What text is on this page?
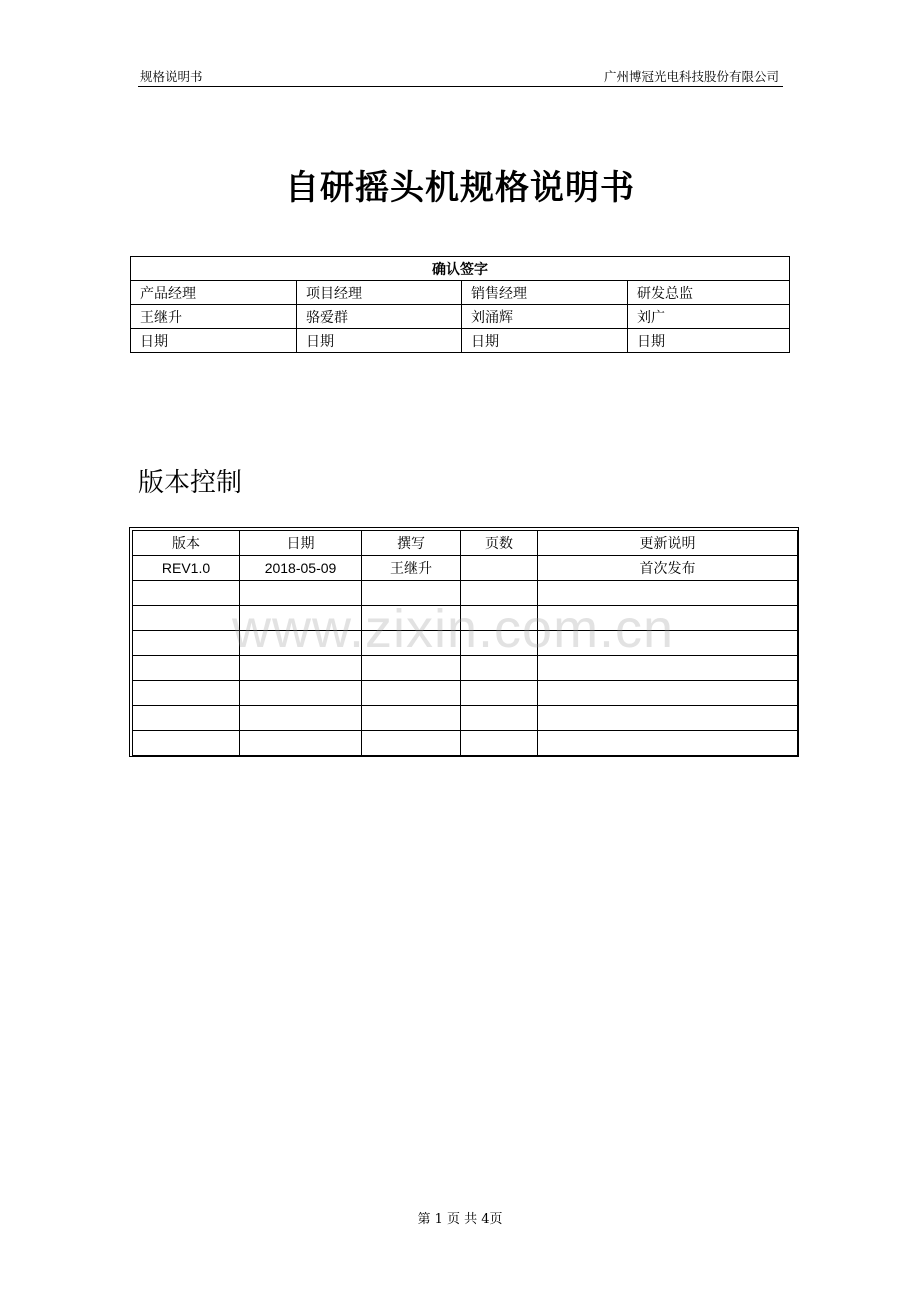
规格说明书	广州博冠光电科技股份有限公司
自研摇头机规格说明书
确认签字			
产品经理	项目经理	销售经理	研发总监
王继升	骆爱群	刘涌辉	刘广
日期	日期	日期	日期
版本控制
版本	日期	撰写	页数	更新说明
REV1.0	2018-05-09	王继升		首次发布

www.zixin.com.cn
第 1 页 共 4页
